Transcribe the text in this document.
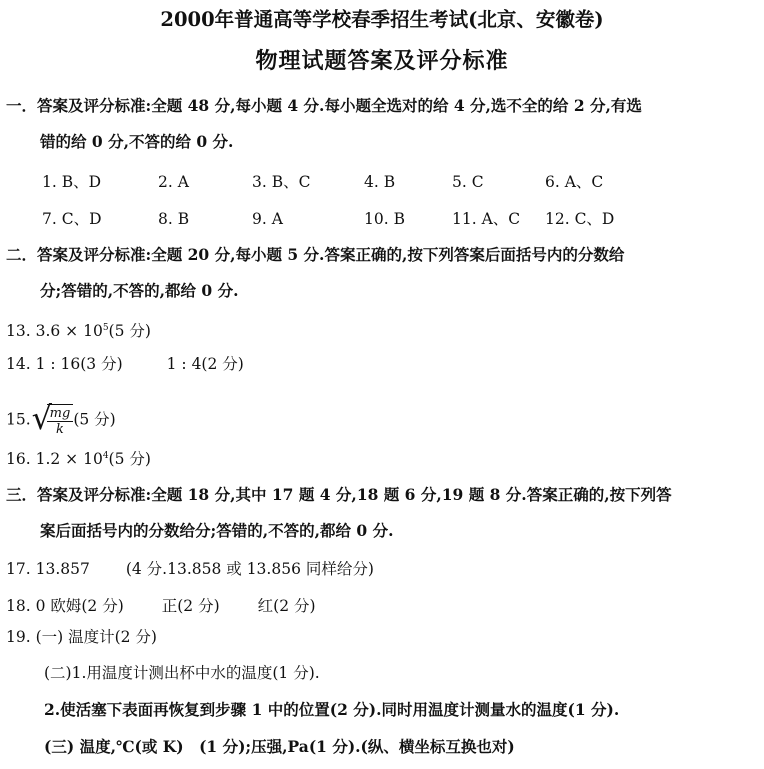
2000年普通高等学校春季招生考试(北京、安徽卷)
物理试题答案及评分标准
一．答案及评分标准:全题 48 分,每小题 4 分.每小题全选对的给 4 分,选不全的给 2 分,有选
错的给 0 分,不答的给 0 分.
1. B、D	2. A	3. B、C	4. B	5. C	6. A、C
7. C、D	8. B	9. A	10. B	11. A、C 12. C、D
二．答案及评分标准:全题 20 分,每小题 5 分.答案正确的,按下列答案后面括号内的分数给
分;答错的,不答的,都给 0 分.
13. $3.6 \times 10^5(5$ 分)
14. 1 : 16(3 分)	1 : 4(2 分)
15. √
$\frac{mg}{k} (5$ 分)
16. $1.2 \times 10^4(5$ 分)
三．答案及评分标准:全题 18 分,其中 17 题 4 分,18 题 6 分,19 题 8 分.答案正确的,按下列答
案后面括号内的分数给分;答错的,不答的,都给 0 分.
17. 13.857 (4 分.13.858 或 13.856 同样给分)
18. 0 欧姆(2 分) 正(2 分) 红(2 分)
19. (一) 温度计(2 分)
(二)1.用温度计测出杯中水的温度(1 分).
2.使活塞下表面再恢复到步骤 1 中的位置(2 分).同时用温度计测量水的温度(1 分).
(三) 温度,℃(或 K)　(1 分);压强,Pa(1 分).(纵、横坐标互换也对)
